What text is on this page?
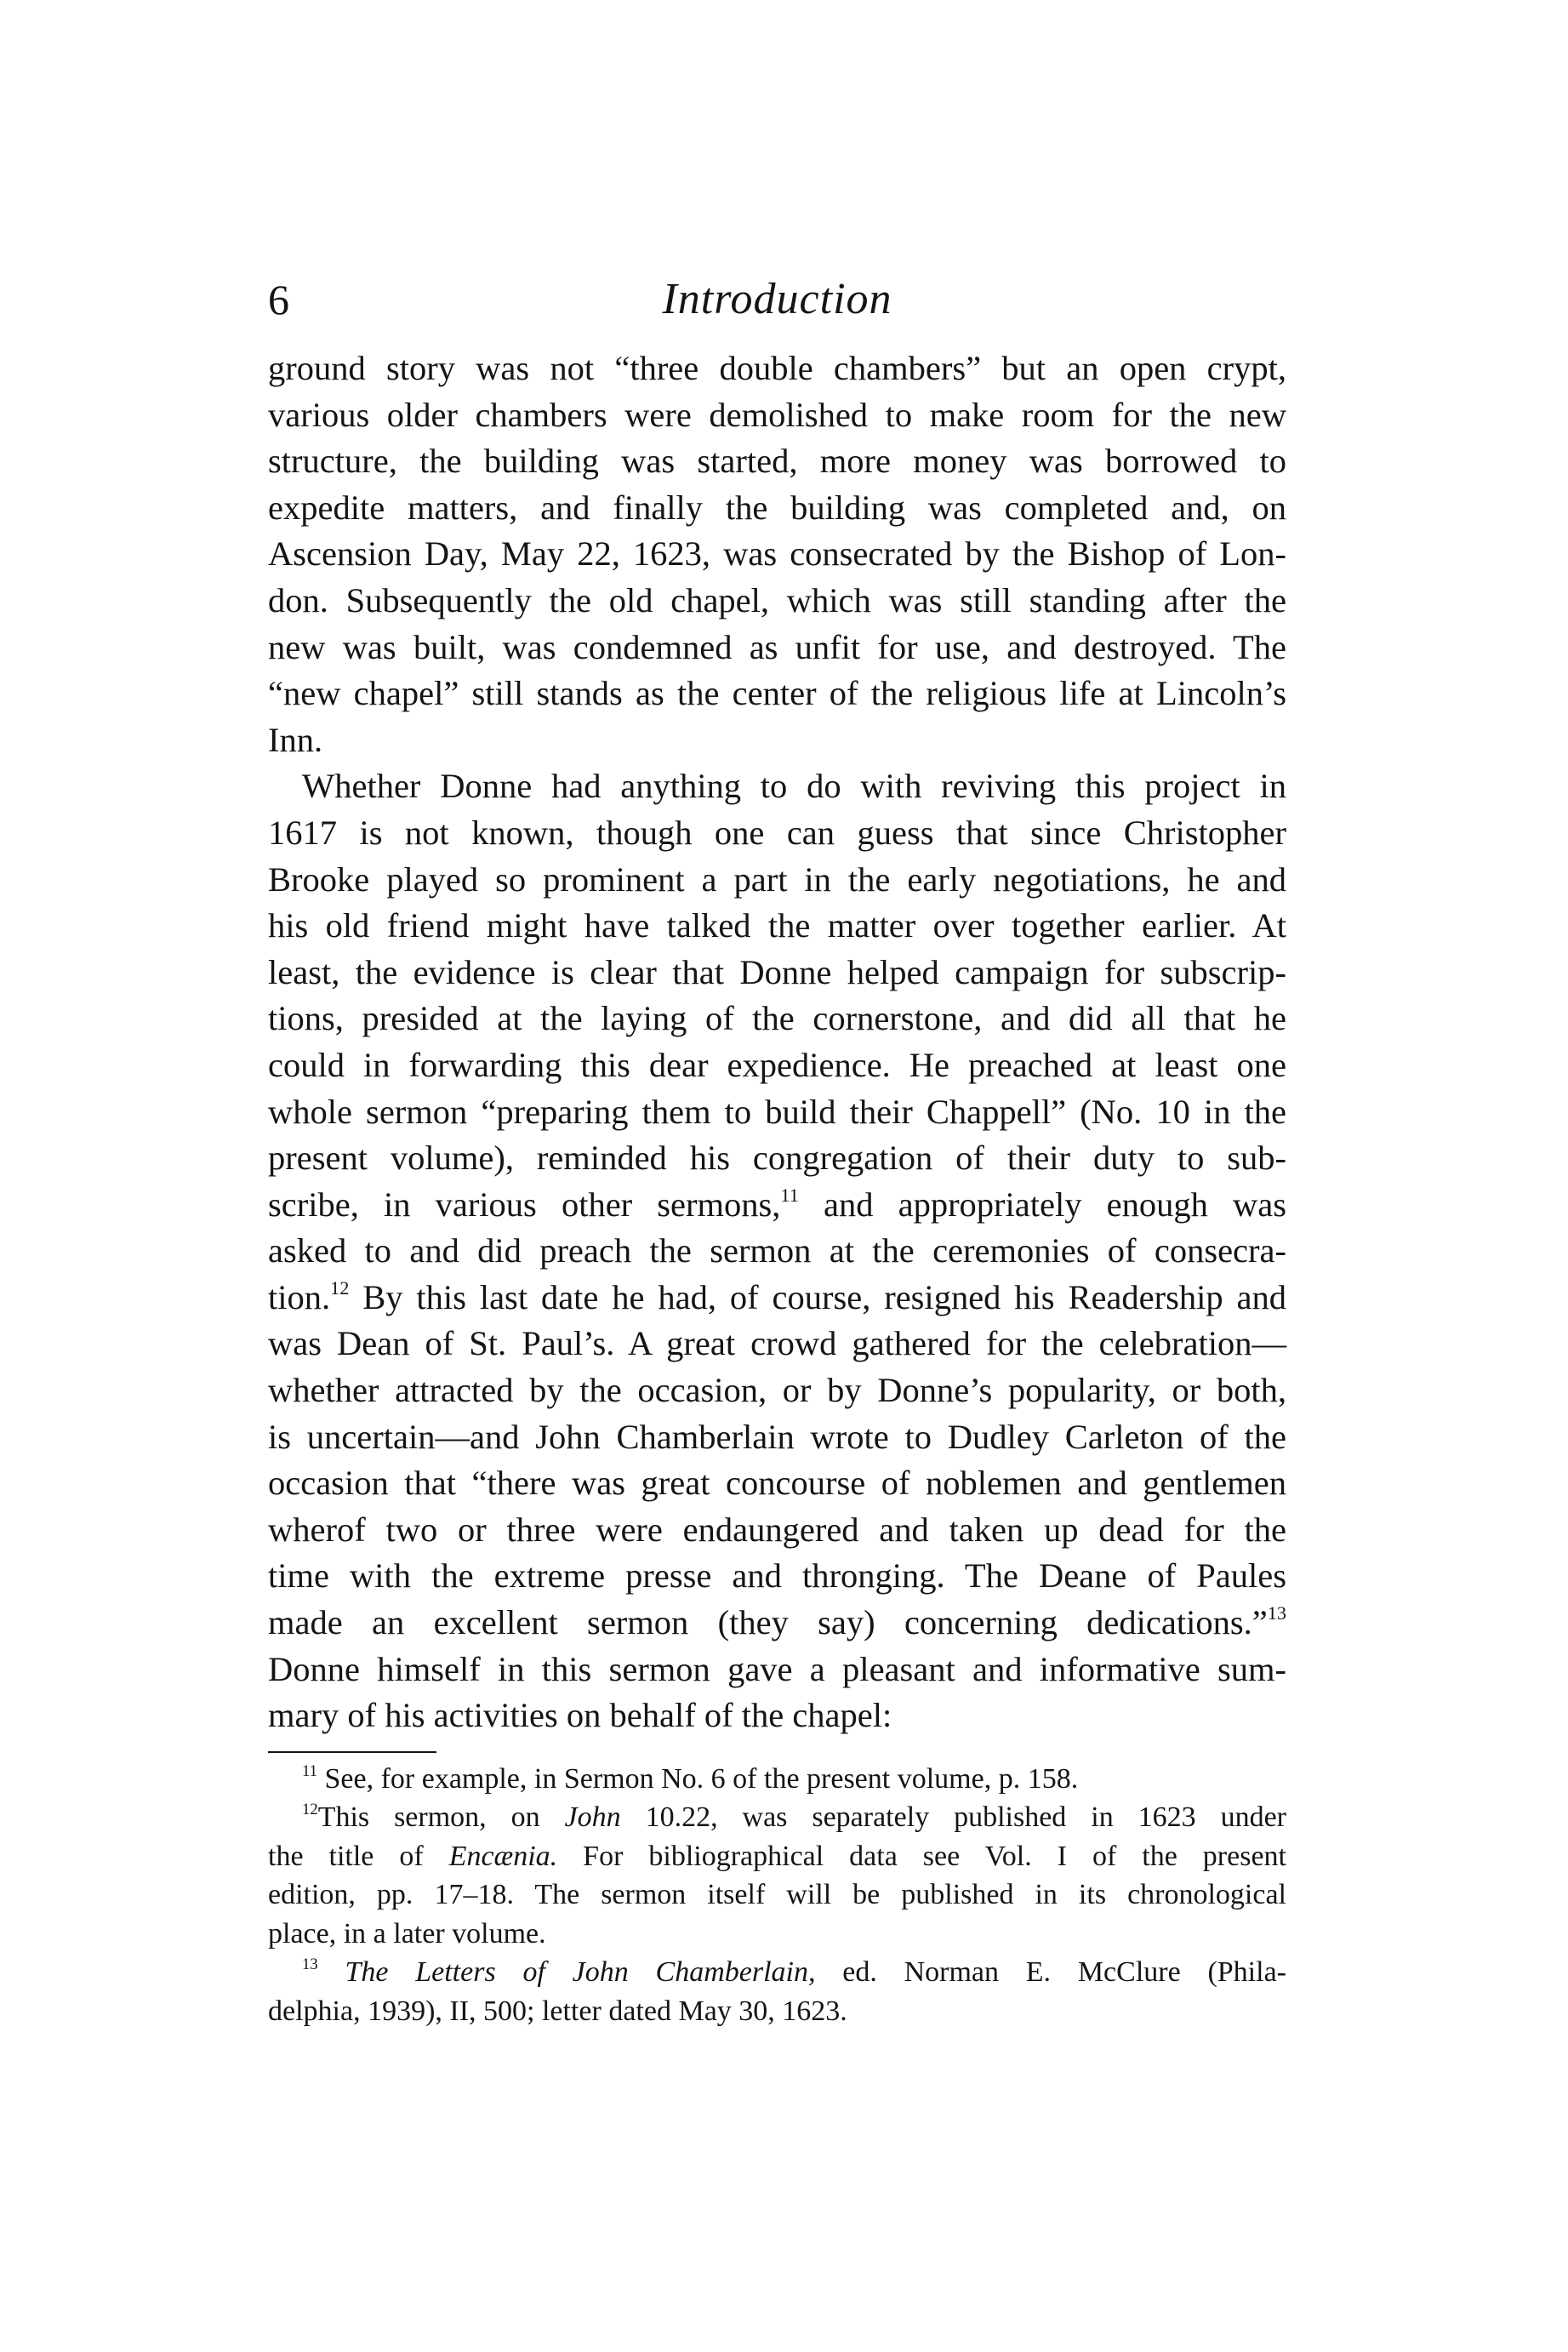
6	Introduction

ground story was not “three double chambers” but an open crypt,
various older chambers were demolished to make room for the new
structure, the building was started, more money was borrowed to
expedite matters, and finally the building was completed and, on
Ascension Day, May 22, 1623, was consecrated by the Bishop of Lon-
don. Subsequently the old chapel, which was still standing after the
new was built, was condemned as unfit for use, and destroyed. The
“new chapel” still stands as the center of the religious life at Lincoln’s
Inn.

Whether Donne had anything to do with reviving this project in
1617 is not known, though one can guess that since Christopher
Brooke played so prominent a part in the early negotiations, he and
his old friend might have talked the matter over together earlier. At
least, the evidence is clear that Donne helped campaign for subscrip-
tions, presided at the laying of the cornerstone, and did all that he
could in forwarding this dear expedience. He preached at least one
whole sermon “preparing them to build their Chappell” (No. 10 in the
present volume), reminded his congregation of their duty to sub-
scribe, in various other sermons,$^{11}$ and appropriately enough was
asked to and did preach the sermon at the ceremonies of consecra-
tion.$^{12}$ By this last date he had, of course, resigned his Readership and
was Dean of St. Paul’s. A great crowd gathered for the celebration—
whether attracted by the occasion, or by Donne’s popularity, or both,
is uncertain—and John Chamberlain wrote to Dudley Carleton of the
occasion that “there was great concourse of noblemen and gentlemen
wherof two or three were endaungered and taken up dead for the
time with the extreme presse and thronging. The Deane of Paules
made an excellent sermon (they say) concerning dedications.”$^{13}$
Donne himself in this sermon gave a pleasant and informative sum-
mary of his activities on behalf of the chapel:

$^{11}$ See, for example, in Sermon No. 6 of the present volume, p. 158.
$^{12}$This sermon, on John 10.22, was separately published in 1623 under
the title of Encænia. For bibliographical data see Vol. I of the present
edition, pp. 17–18. The sermon itself will be published in its chronological
place, in a later volume.
$^{13}$ The Letters of John Chamberlain, ed. Norman E. McClure (Phila-
delphia, 1939), II, 500; letter dated May 30, 1623.
